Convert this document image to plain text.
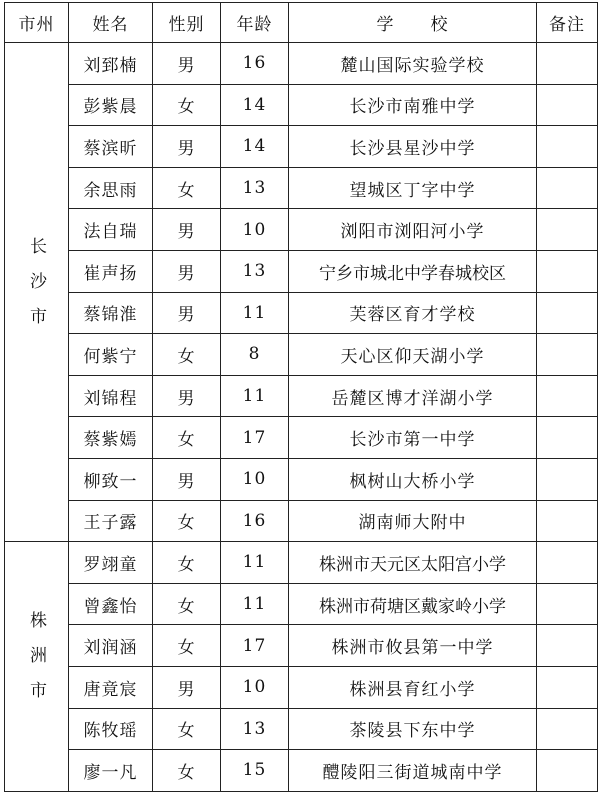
市州	姓名	性别	年龄	学　　校	备注
长沙市	刘郅楠	男	16	麓山国际实验学校	
	彭紫晨	女	14	长沙市南雅中学	
	蔡滨昕	男	14	长沙县星沙中学	
	余思雨	女	13	望城区丁字中学	
	法自瑞	男	10	浏阳市浏阳河小学	
	崔声扬	男	13	宁乡市城北中学春城校区	
	蔡锦淮	男	11	芙蓉区育才学校	
	何紫宁	女	8	天心区仰天湖小学	
	刘锦程	男	11	岳麓区博才洋湖小学	
	蔡紫嫣	女	17	长沙市第一中学	
	柳致一	男	10	枫树山大桥小学	
	王子露	女	16	湖南师大附中	
株洲市	罗翊童	女	11	株洲市天元区太阳宫小学	
	曾鑫怡	女	11	株洲市荷塘区戴家岭小学	
	刘润涵	女	17	株洲市攸县第一中学	
	唐竟宸	男	10	株洲县育红小学	
	陈牧瑶	女	13	茶陵县下东中学	
	廖一凡	女	15	醴陵阳三街道城南中学	
